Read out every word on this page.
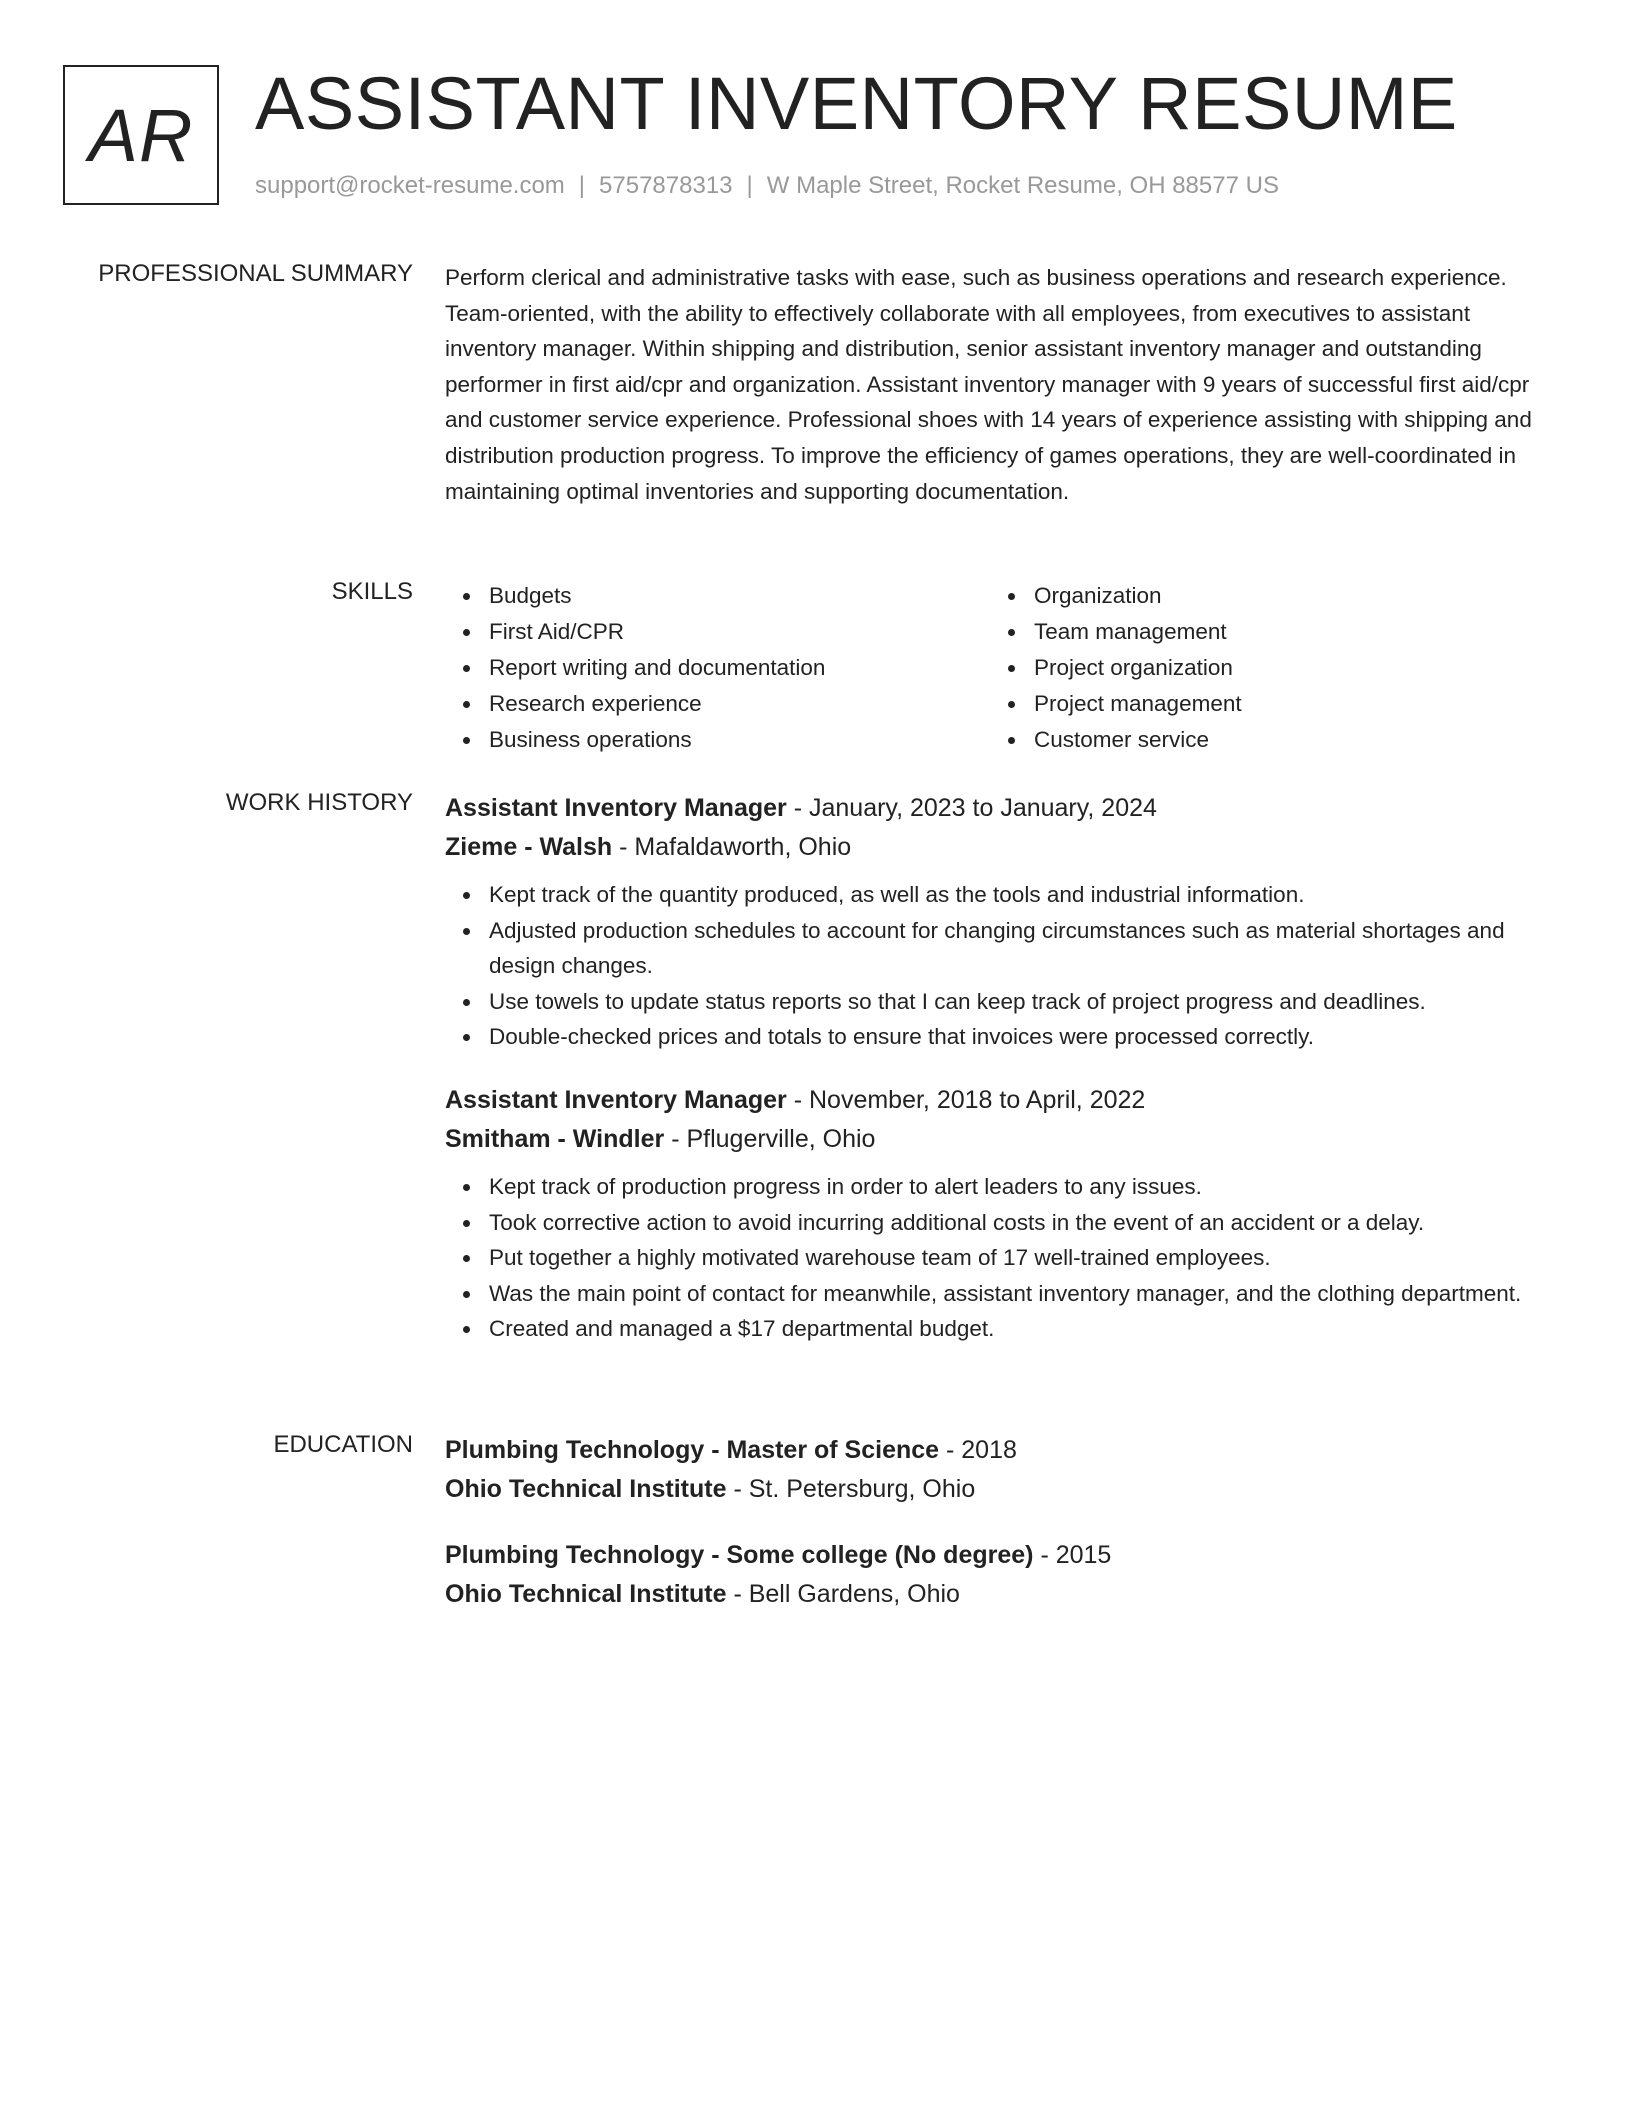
AR ASSISTANT INVENTORY RESUME
support@rocket-resume.com | 5757878313 | W Maple Street, Rocket Resume, OH 88577 US
PROFESSIONAL SUMMARY Perform clerical and administrative tasks with ease, such as business operations and research experience. Team-oriented, with the ability to effectively collaborate with all employees, from executives to assistant inventory manager. Within shipping and distribution, senior assistant inventory manager and outstanding performer in first aid/cpr and organization. Assistant inventory manager with 9 years of successful first aid/cpr and customer service experience. Professional shoes with 14 years of experience assisting with shipping and distribution production progress. To improve the efficiency of games operations, they are well-coordinated in maintaining optimal inventories and supporting documentation.

SKILLS	Budgets
First Aid/CPR
Report writing and documentation
Research experience
Business operations
Organization
Team management
Project organization
Project management
Customer service
WORK HISTORY Assistant Inventory Manager - January, 2023 to January, 2024
Zieme - Walsh - Mafaldaworth, Ohio
Kept track of the quantity produced, as well as the tools and industrial information.
Adjusted production schedules to account for changing circumstances such as material shortages and design changes.
Use towels to update status reports so that I can keep track of project progress and deadlines.
Double-checked prices and totals to ensure that invoices were processed correctly.
Assistant Inventory Manager - November, 2018 to April, 2022
Smitham - Windler - Pflugerville, Ohio
Kept track of production progress in order to alert leaders to any issues.
Took corrective action to avoid incurring additional costs in the event of an accident or a delay.
Put together a highly motivated warehouse team of 17 well-trained employees.
Was the main point of contact for meanwhile, assistant inventory manager, and the clothing department.
Created and managed a $17 departmental budget.
EDUCATION Plumbing Technology - Master of Science - 2018
Ohio Technical Institute - St. Petersburg, Ohio
Plumbing Technology - Some college (No degree) - 2015
Ohio Technical Institute - Bell Gardens, Ohio
